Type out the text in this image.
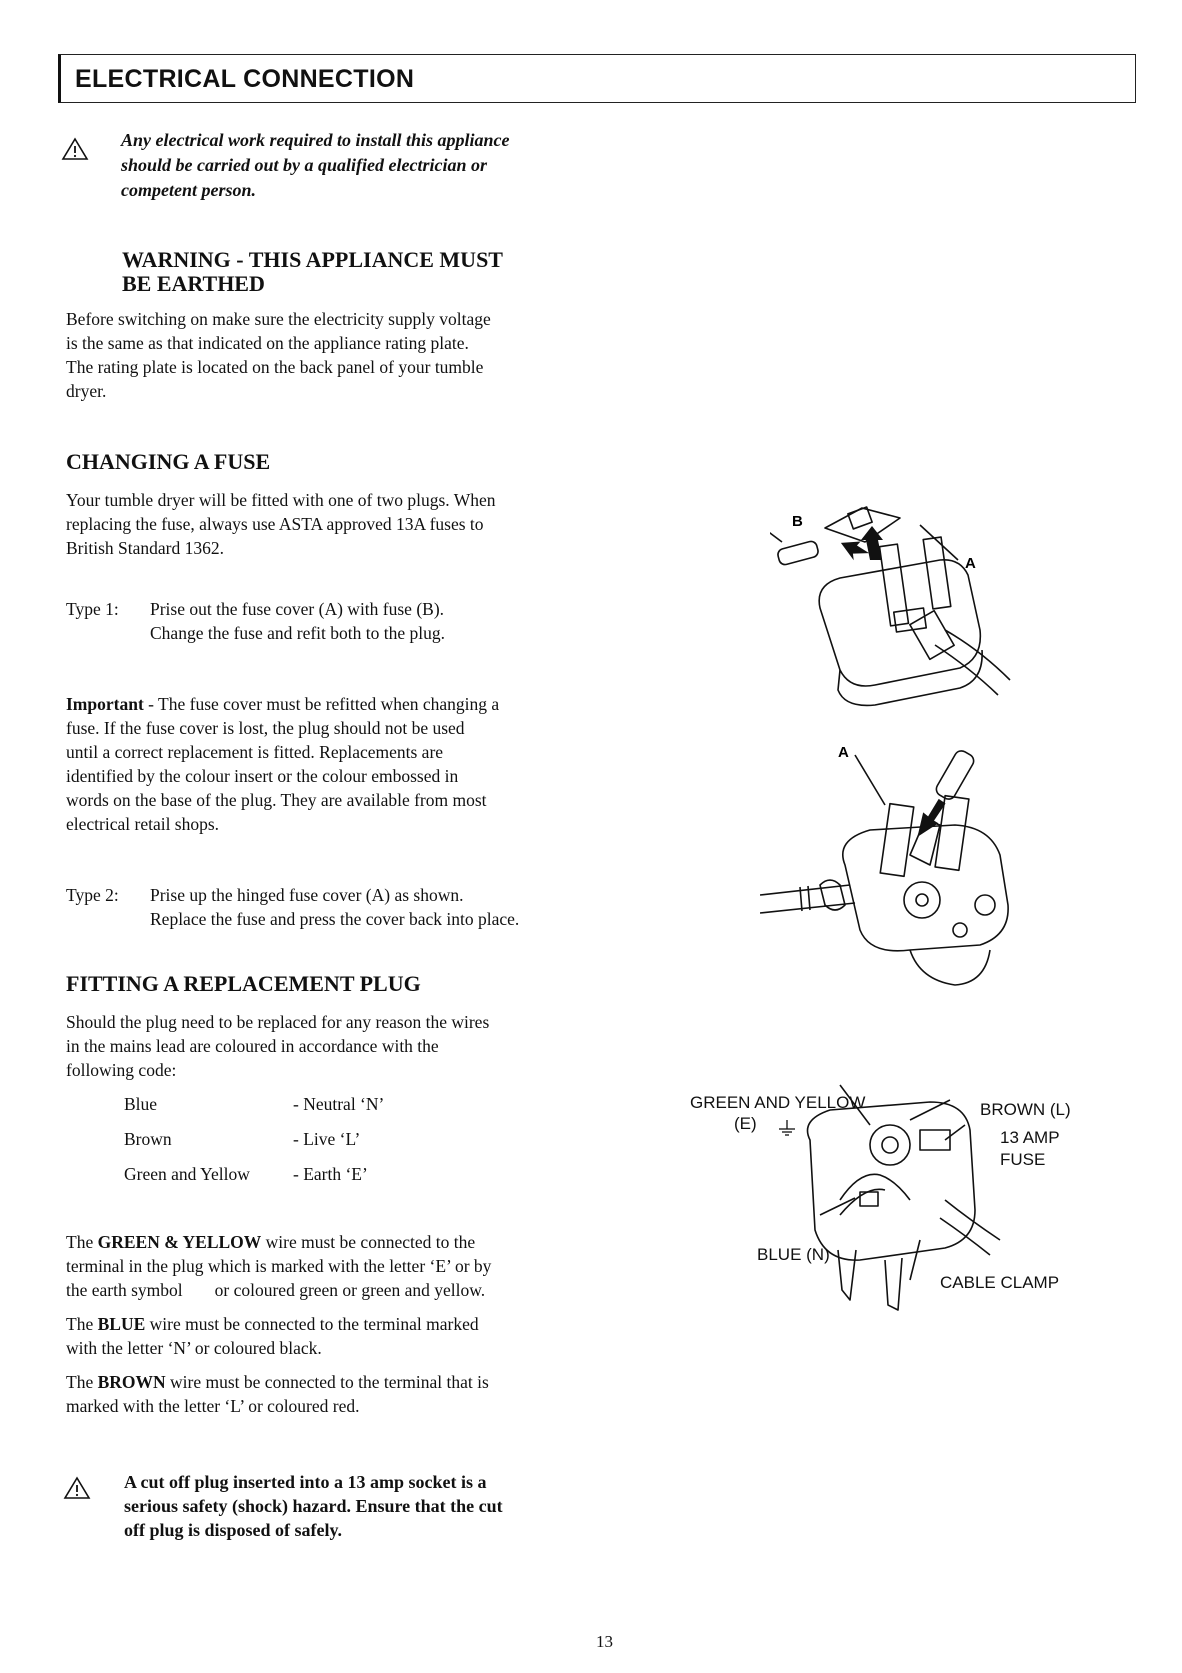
ELECTRICAL CONNECTION
Any electrical work required to install this appliance
should be carried out by a qualified electrician or
competent person.
WARNING - THIS APPLIANCE MUST
BE EARTHED
Before switching on make sure the electricity supply voltage
is the same as that indicated on the appliance rating plate.
The rating plate is located on the back panel of your tumble
dryer.
CHANGING A FUSE
Your tumble dryer will be fitted with one of two plugs. When
replacing the fuse, always use ASTA approved 13A fuses to
British Standard 1362.
Type 1: Prise out the fuse cover (A) with fuse (B).
Change the fuse and refit both to the plug.
Important - The fuse cover must be refitted when changing a
fuse. If the fuse cover is lost, the plug should not be used
until a correct replacement is fitted. Replacements are
identified by the colour insert or the colour embossed in
words on the base of the plug. They are available from most
electrical retail shops.
Type 2: Prise up the hinged fuse cover (A) as shown.
Replace the fuse and press the cover back into place.
FITTING A REPLACEMENT PLUG
Should the plug need to be replaced for any reason the wires
in the mains lead are coloured in accordance with the
following code:
Blue	- Neutral ‘N’
Brown	- Live ‘L’
Green and Yellow - Earth ‘E’
The GREEN & YELLOW wire must be connected to the
terminal in the plug which is marked with the letter ‘E’ or by
the earth symbol or coloured green or green and yellow.
The BLUE wire must be connected to the terminal marked
with the letter ‘N’ or coloured black.
The BROWN wire must be connected to the terminal that is
marked with the letter ‘L’ or coloured red.
A cut off plug inserted into a 13 amp socket is a
serious safety (shock) hazard. Ensure that the cut
off plug is disposed of safely.
B
A
A
GREEN AND YELLOW
(E)
BROWN (L)
13 AMP
FUSE
BLUE (N)
CABLE CLAMP
13
